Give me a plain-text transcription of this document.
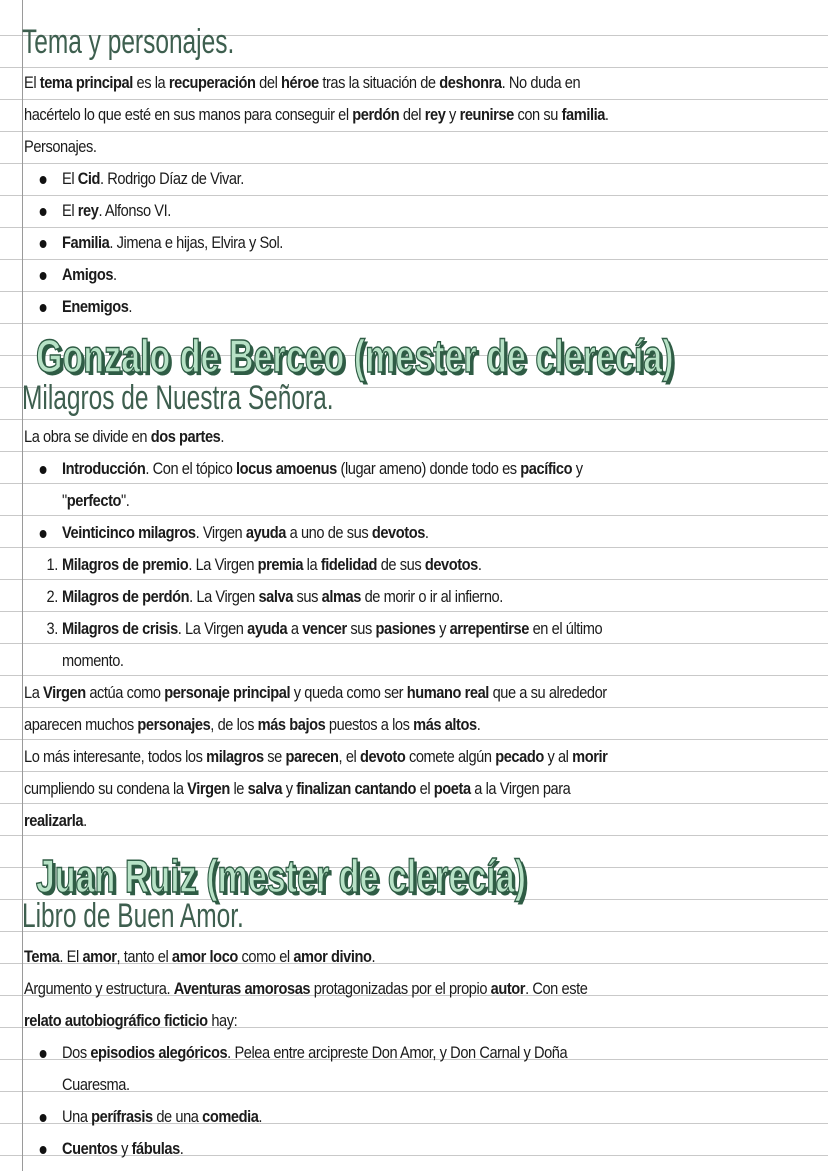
Tema y personajes.
El tema principal es la recuperación del héroe tras la situación de deshonra. No duda en
hacértelo lo que esté en sus manos para conseguir el perdón del rey y reunirse con su familia.
Personajes.
El Cid. Rodrigo Díaz de Vivar.
El rey. Alfonso VI.
Familia. Jimena e hijas, Elvira y Sol.
Amigos.
Enemigos.
Gonzalo de Berceo (mester de clerecía)
Milagros de Nuestra Señora.
La obra se divide en dos partes.
Introducción. Con el tópico locus amoenus (lugar ameno) donde todo es pacífico y
"perfecto".
Veinticinco milagros. Virgen ayuda a uno de sus devotos.
1. Milagros de premio. La Virgen premia la fidelidad de sus devotos.
2. Milagros de perdón. La Virgen salva sus almas de morir o ir al infierno.
3. Milagros de crisis. La Virgen ayuda a vencer sus pasiones y arrepentirse en el último
momento.
La Virgen actúa como personaje principal y queda como ser humano real que a su alrededor
aparecen muchos personajes, de los más bajos puestos a los más altos.
Lo más interesante, todos los milagros se parecen, el devoto comete algún pecado y al morir
cumpliendo su condena la Virgen le salva y finalizan cantando el poeta a la Virgen para
realizarla.
Juan Ruiz (mester de clerecía)
Libro de Buen Amor.
Tema. El amor, tanto el amor loco como el amor divino.
Argumento y estructura. Aventuras amorosas protagonizadas por el propio autor. Con este
relato autobiográfico ficticio hay:
Dos episodios alegóricos. Pelea entre arcipreste Don Amor, y Don Carnal y Doña
Cuaresma.
Una perífrasis de una comedia.
Cuentos y fábulas.
